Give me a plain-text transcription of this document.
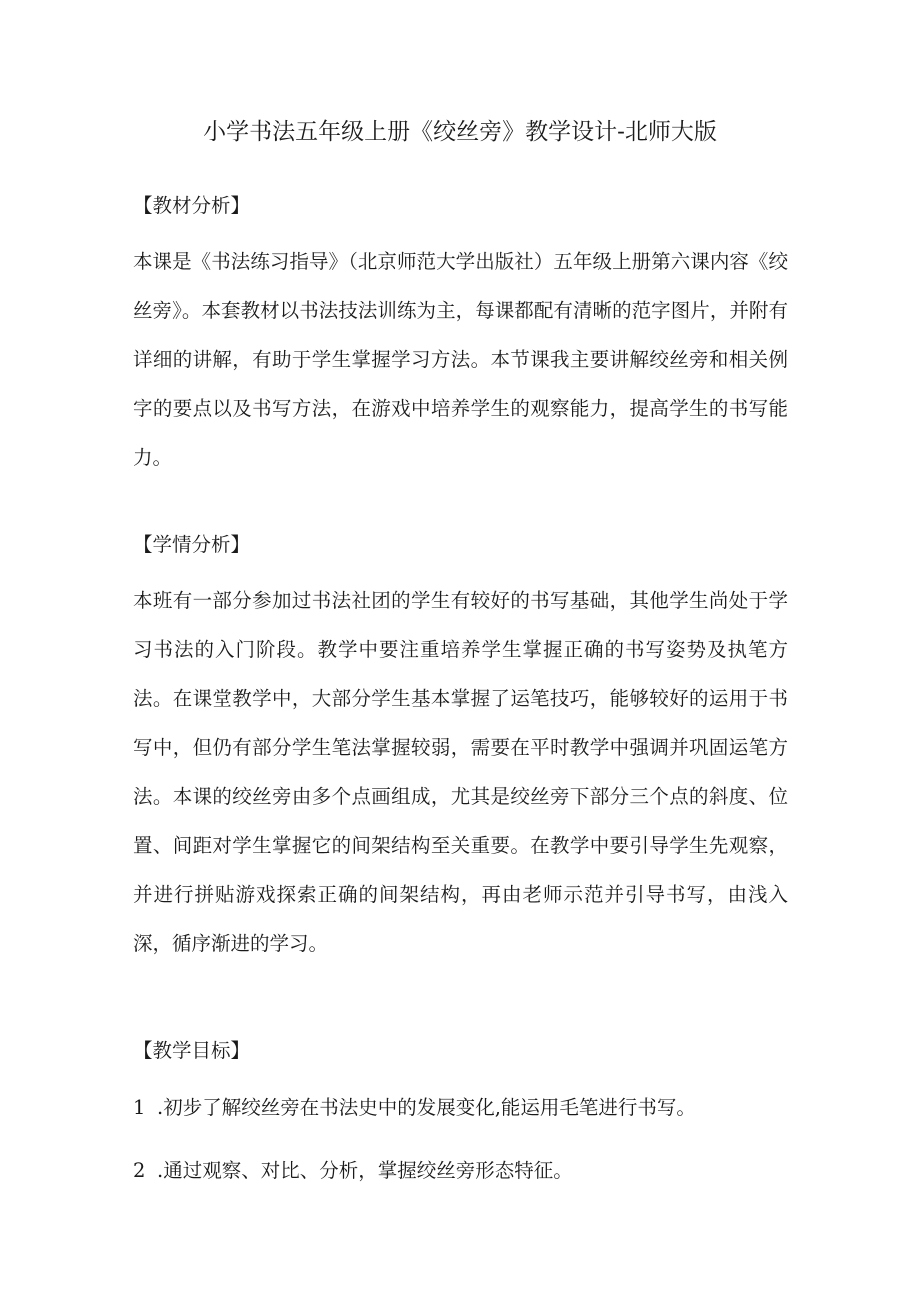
小学书法五年级上册《绞丝旁》教学设计-北师大版
【教材分析】
本课是《书法练习指导》（北京师范大学出版社）五年级上册第六课内容《绞丝旁》。本套教材以书法技法训练为主，每课都配有清晰的范字图片，并附有详细的讲解，有助于学生掌握学习方法。本节课我主要讲解绞丝旁和相关例字的要点以及书写方法，在游戏中培养学生的观察能力，提高学生的书写能力。
【学情分析】
本班有一部分参加过书法社团的学生有较好的书写基础，其他学生尚处于学习书法的入门阶段。教学中要注重培养学生掌握正确的书写姿势及执笔方法。在课堂教学中，大部分学生基本掌握了运笔技巧，能够较好的运用于书写中，但仍有部分学生笔法掌握较弱，需要在平时教学中强调并巩固运笔方法。本课的绞丝旁由多个点画组成，尤其是绞丝旁下部分三个点的斜度、位置、间距对学生掌握它的间架结构至关重要。在教学中要引导学生先观察，并进行拼贴游戏探索正确的间架结构，再由老师示范并引导书写，由浅入深，循序渐进的学习。
【教学目标】
1 .初步了解绞丝旁在书法史中的发展变化,能运用毛笔进行书写。
2 .通过观察、对比、分析，掌握绞丝旁形态特征。
